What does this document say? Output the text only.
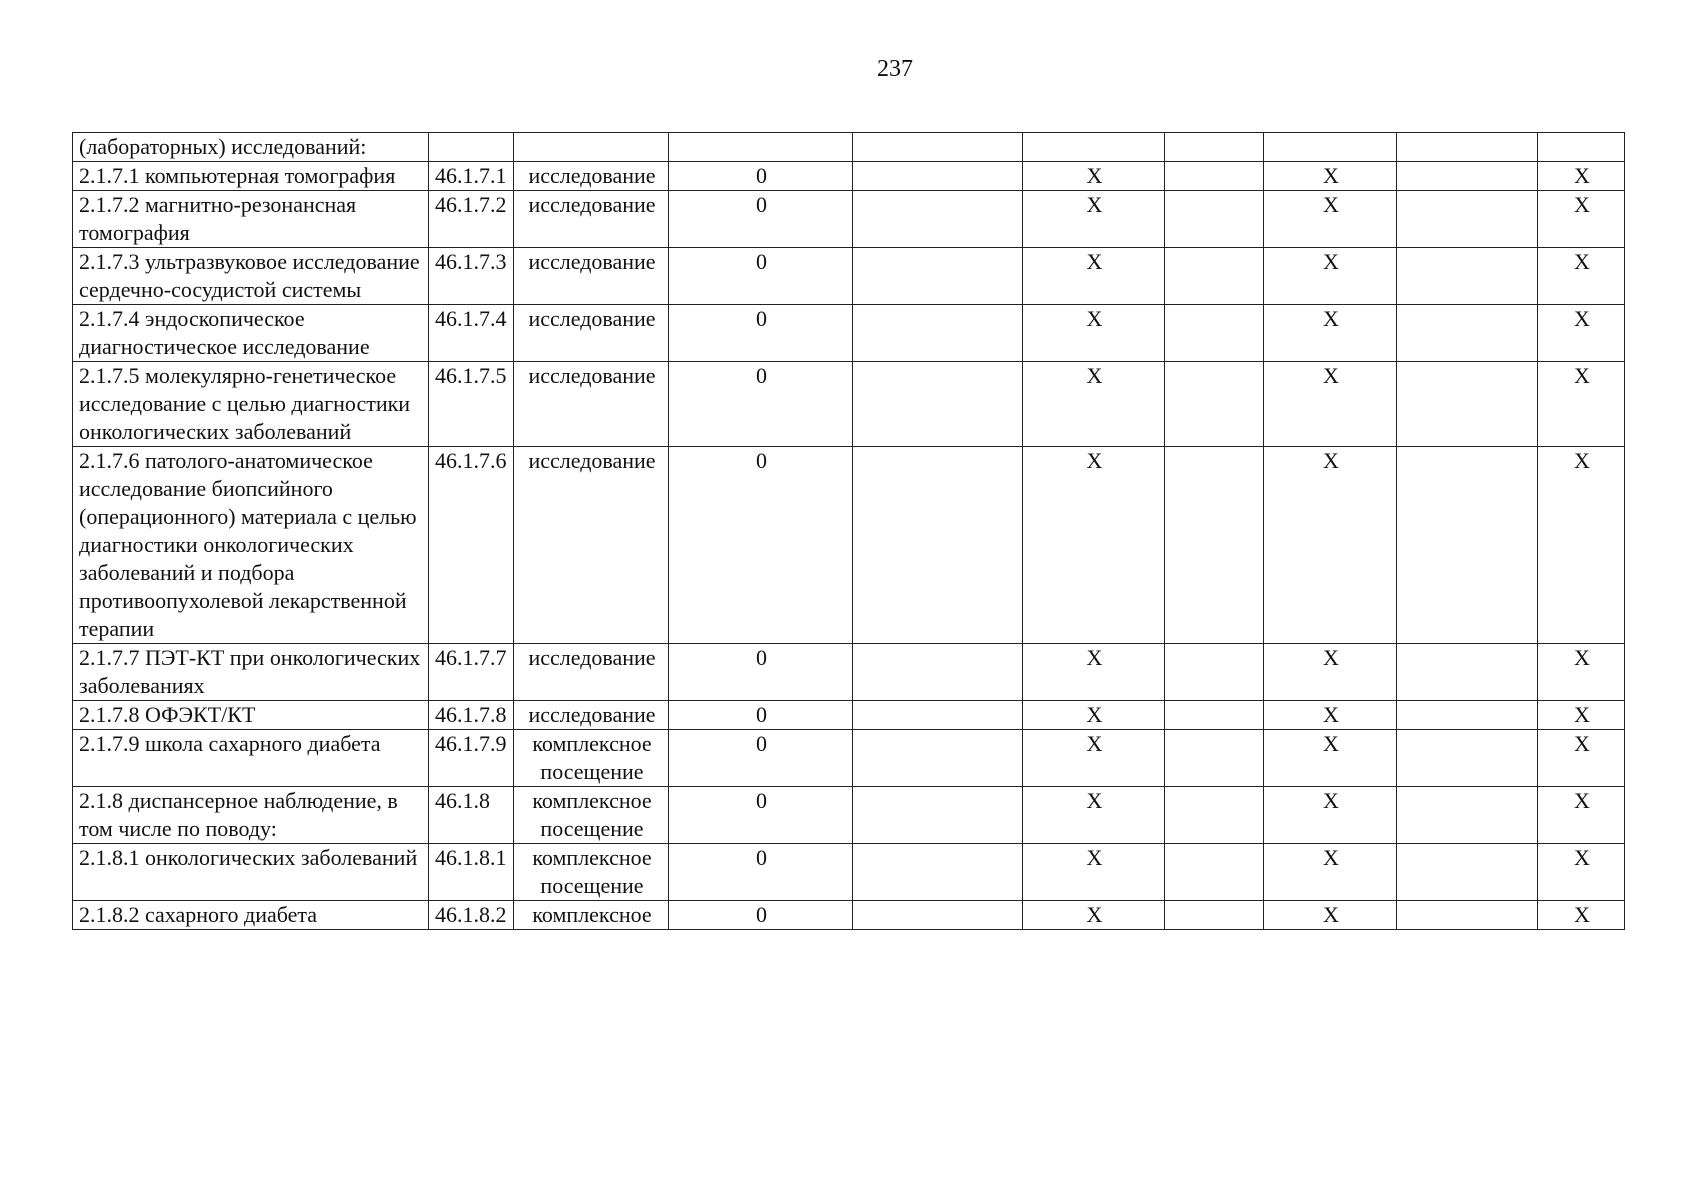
237
(лабораторных) исследований:									
2.1.7.1 компьютерная томография	46.1.7.1	исследование	0		X		X		X
2.1.7.2 магнитно-резонансная томография	46.1.7.2	исследование	0		X		X		X
2.1.7.3 ультразвуковое исследование сердечно-сосудистой системы	46.1.7.3	исследование	0		X		X		X
2.1.7.4 эндоскопическое диагностическое исследование	46.1.7.4	исследование	0		X		X		X
2.1.7.5 молекулярно-генетическое исследование с целью диагностики онкологических заболеваний	46.1.7.5	исследование	0		X		X		X
2.1.7.6 патолого-анатомическое исследование биопсийного (операционного) материала с целью диагностики онкологических заболеваний и подбора противоопухолевой лекарственной терапии	46.1.7.6	исследование	0		X		X		X
2.1.7.7 ПЭТ-КТ при онкологических заболеваниях	46.1.7.7	исследование	0		X		X		X
2.1.7.8 ОФЭКТ/КТ	46.1.7.8	исследование	0		X		X		X
2.1.7.9 школа сахарного диабета	46.1.7.9	комплексное посещение	0		X		X		X
2.1.8 диспансерное наблюдение, в том числе по поводу:	46.1.8	комплексное посещение	0		X		X		X
2.1.8.1 онкологических заболеваний	46.1.8.1	комплексное посещение	0		X		X		X
2.1.8.2 сахарного диабета	46.1.8.2	комплексное	0		X		X		X
